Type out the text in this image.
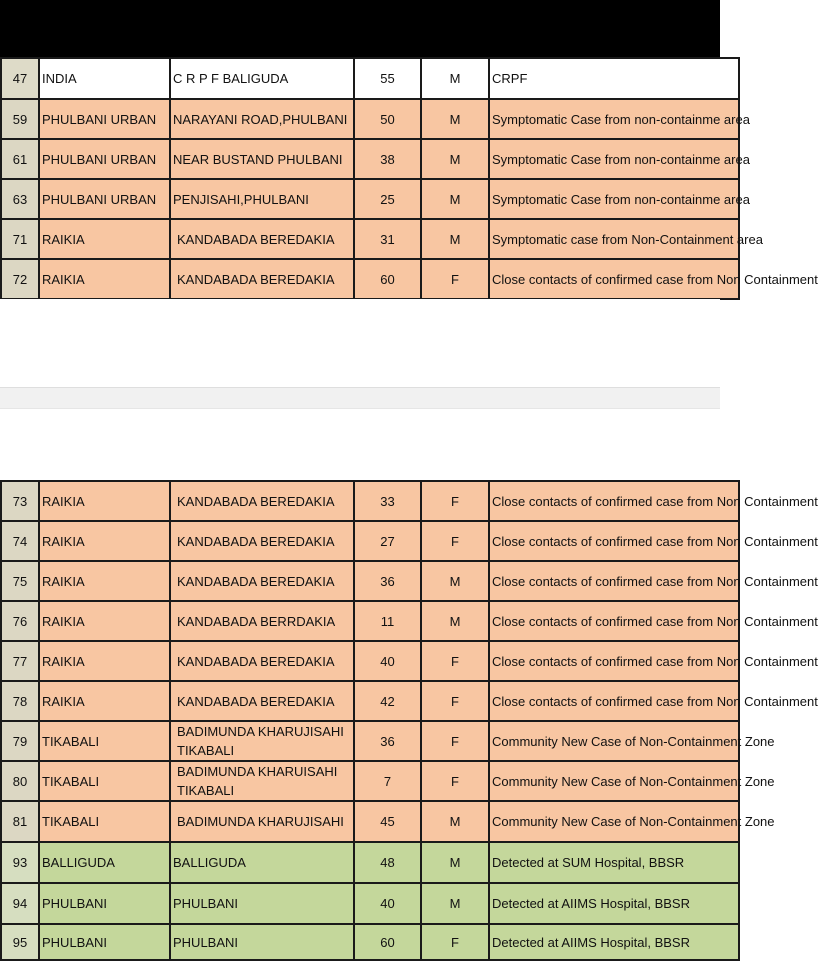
47	INDIA	C R P F BALIGUDA	55	M	CRPF
59	PHULBANI URBAN	NARAYANI ROAD,PHULBANI	50	M	Symptomatic Case from non-containme area
61	PHULBANI URBAN	NEAR BUSTAND PHULBANI	38	M	Symptomatic Case from non-containme area
63	PHULBANI URBAN	PENJISAHI,PHULBANI	25	M	Symptomatic Case from non-containme area
71	RAIKIA	KANDABADA BEREDAKIA	31	M	Symptomatic case from Non-Containment area
72	RAIKIA	KANDABADA BEREDAKIA	60	F	Close contacts of confirmed case from Non Containment
73	RAIKIA	KANDABADA BEREDAKIA	33	F	Close contacts of confirmed case from Non Containment
74	RAIKIA	KANDABADA BEREDAKIA	27	F	Close contacts of confirmed case from Non Containment
75	RAIKIA	KANDABADA BEREDAKIA	36	M	Close contacts of confirmed case from Non Containment
76	RAIKIA	KANDABADA BERRDAKIA	11	M	Close contacts of confirmed case from Non Containment
77	RAIKIA	KANDABADA BEREDAKIA	40	F	Close contacts of confirmed case from Non Containment
78	RAIKIA	KANDABADA BEREDAKIA	42	F	Close contacts of confirmed case from Non Containment
79	TIKABALI	BADIMUNDA KHARUJISAHI TIKABALI	36	F	Community New Case of Non-Containment Zone
80	TIKABALI	BADIMUNDA KHARUISAHI TIKABALI	7	F	Community New Case of Non-Containment Zone
81	TIKABALI	BADIMUNDA KHARUJISAHI	45	M	Community New Case of Non-Containment Zone
93	BALLIGUDA	BALLIGUDA	48	M	Detected at SUM Hospital, BBSR
94	PHULBANI	PHULBANI	40	M	Detected at AIIMS Hospital, BBSR
95	PHULBANI	PHULBANI	60	F	Detected at AIIMS Hospital, BBSR
